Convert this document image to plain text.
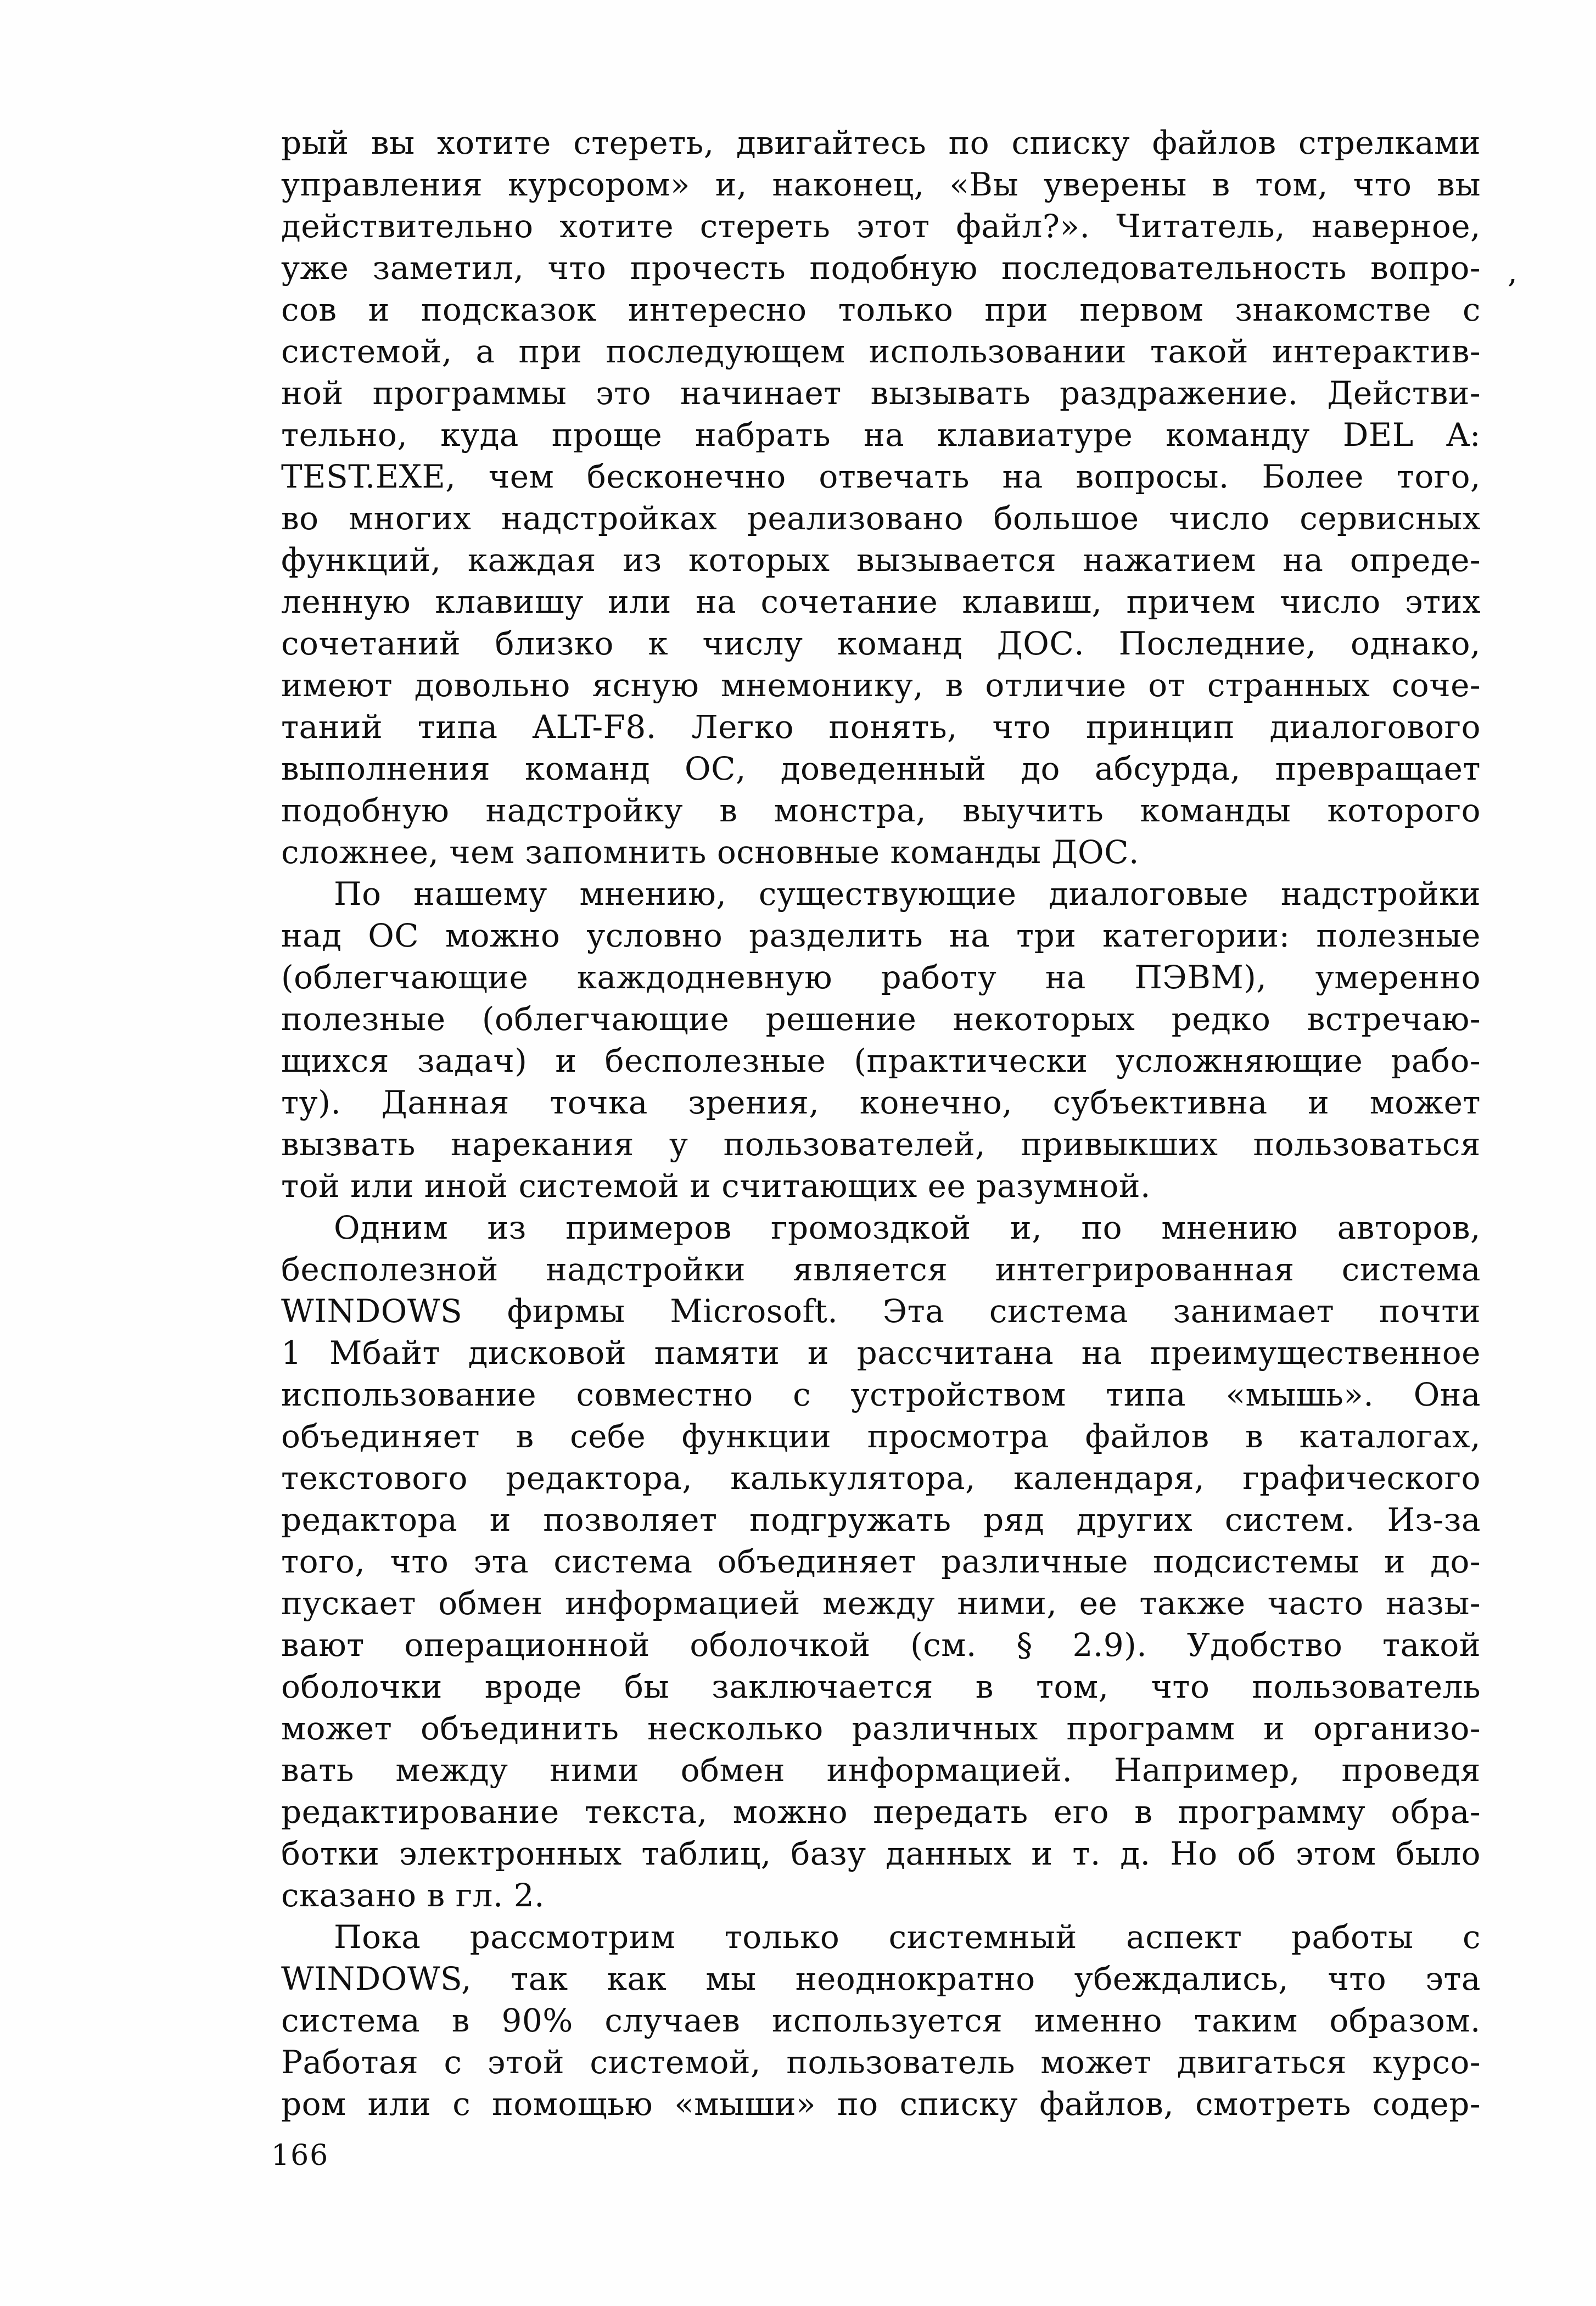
рый вы хотите стереть, двигайтесь по списку файлов стрелками
управления курсором» и, наконец, «Вы уверены в том, что вы
действительно хотите стереть этот файл?». Читатель, наверное,
уже заметил, что прочесть подобную последовательность вопро-
сов и подсказок интересно только при первом знакомстве с
системой, а при последующем использовании такой интерактив-
ной программы это начинает вызывать раздражение. Действи-
тельно, куда проще набрать на клавиатуре команду DEL A:
TEST.EXE, чем бесконечно отвечать на вопросы. Более того,
во многих надстройках реализовано большое число сервисных
функций, каждая из которых вызывается нажатием на опреде-
ленную клавишу или на сочетание клавиш, причем число этих
сочетаний близко к числу команд ДОС. Последние, однако,
имеют довольно ясную мнемонику, в отличие от странных соче-
таний типа ALT-F8. Легко понять, что принцип диалогового
выполнения команд ОС, доведенный до абсурда, превращает
подобную надстройку в монстра, выучить команды которого
сложнее, чем запомнить основные команды ДОС.
По нашему мнению, существующие диалоговые надстройки
над ОС можно условно разделить на три категории: полезные
(облегчающие каждодневную работу на ПЭВМ), умеренно
полезные (облегчающие решение некоторых редко встречаю-
щихся задач) и бесполезные (практически усложняющие рабо-
ту). Данная точка зрения, конечно, субъективна и может
вызвать нарекания у пользователей, привыкших пользоваться
той или иной системой и считающих ее разумной.
Одним из примеров громоздкой и, по мнению авторов,
бесполезной надстройки является интегрированная система
WINDOWS фирмы Microsoft. Эта система занимает почти
1 Мбайт дисковой памяти и рассчитана на преимущественное
использование совместно с устройством типа «мышь». Она
объединяет в себе функции просмотра файлов в каталогах,
текстового редактора, калькулятора, календаря, графического
редактора и позволяет подгружать ряд других систем. Из-за
того, что эта система объединяет различные подсистемы и до-
пускает обмен информацией между ними, ее также часто назы-
вают операционной оболочкой (см. § 2.9). Удобство такой
оболочки вроде бы заключается в том, что пользователь
может объединить несколько различных программ и организо-
вать между ними обмен информацией. Например, проведя
редактирование текста, можно передать его в программу обра-
ботки электронных таблиц, базу данных и т. д. Но об этом было
сказано в гл. 2.
Пока рассмотрим только системный аспект работы с
WINDOWS, так как мы неоднократно убеждались, что эта
система в 90% случаев используется именно таким образом.
Работая с этой системой, пользователь может двигаться курсо-
ром или с помощью «мыши» по списку файлов, смотреть содер-
,
166
